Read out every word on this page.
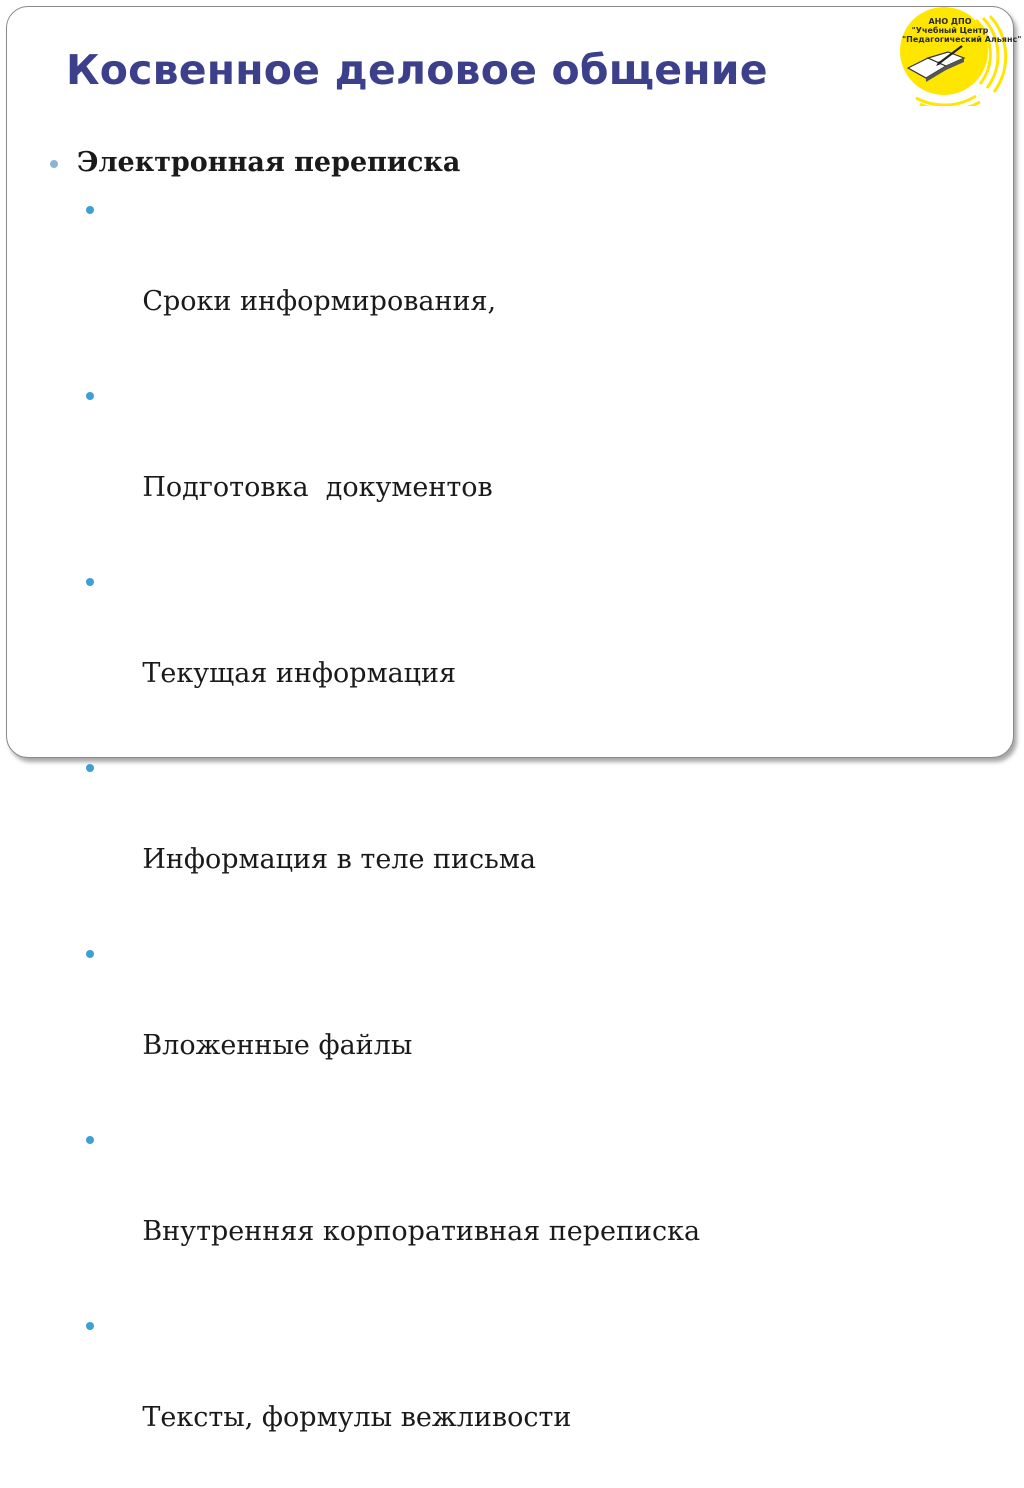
Косвенное деловое общение
АНО ДПО
"Учебный Центр
"Педагогический Альянс"
Электронная переписка

Сроки информирования,

Подготовка  документов

Текущая информация

Информация в теле письма

Вложенные файлы

Внутренняя корпоративная переписка

Тексты, формулы вежливости
